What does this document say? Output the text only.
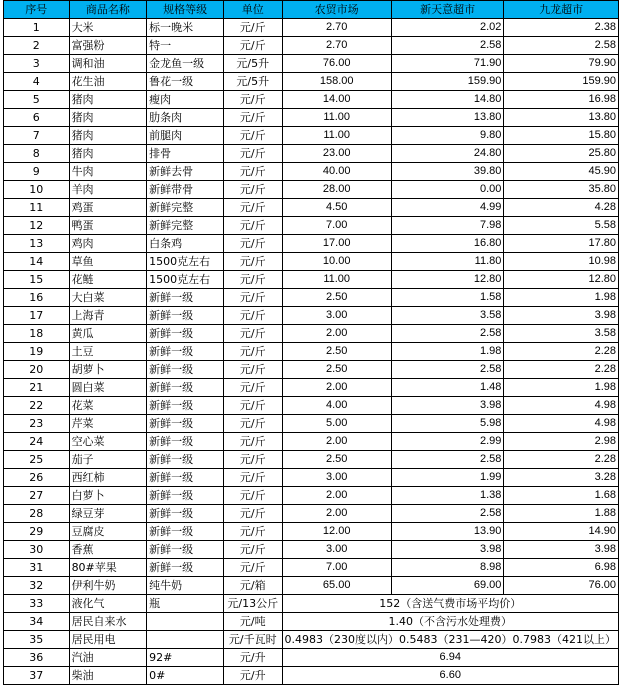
序号	商品名称	规格等级	单位	农贸市场	新天意超市	九龙超市
1	大米	标一晚米	元/斤	2.70	2.02	2.38
2	富强粉	特一	元/斤	2.70	2.58	2.58
3	调和油	金龙鱼一级	元/5升	76.00	71.90	79.90
4	花生油	鲁花一级	元/5升	158.00	159.90	159.90
5	猪肉	瘦肉	元/斤	14.00	14.80	16.98
6	猪肉	肋条肉	元/斤	11.00	13.80	13.80
7	猪肉	前腿肉	元/斤	11.00	9.80	15.80
8	猪肉	排骨	元/斤	23.00	24.80	25.80
9	牛肉	新鲜去骨	元/斤	40.00	39.80	45.90
10	羊肉	新鲜带骨	元/斤	28.00	0.00	35.80
11	鸡蛋	新鲜完整	元/斤	4.50	4.99	4.28
12	鸭蛋	新鲜完整	元/斤	7.00	7.98	5.58
13	鸡肉	白条鸡	元/斤	17.00	16.80	17.80
14	草鱼	1500克左右	元/斤	10.00	11.80	10.98
15	花鲢	1500克左右	元/斤	11.00	12.80	12.80
16	大白菜	新鲜一级	元/斤	2.50	1.58	1.98
17	上海青	新鲜一级	元/斤	3.00	3.58	3.98
18	黄瓜	新鲜一级	元/斤	2.00	2.58	3.58
19	土豆	新鲜一级	元/斤	2.50	1.98	2.28
20	胡萝卜	新鲜一级	元/斤	2.50	2.58	2.28
21	圆白菜	新鲜一级	元/斤	2.00	1.48	1.98
22	花菜	新鲜一级	元/斤	4.00	3.98	4.98
23	芹菜	新鲜一级	元/斤	5.00	5.98	4.98
24	空心菜	新鲜一级	元/斤	2.00	2.99	2.98
25	茄子	新鲜一级	元/斤	2.50	2.58	2.28
26	西红柿	新鲜一级	元/斤	3.00	1.99	3.28
27	白萝卜	新鲜一级	元/斤	2.00	1.38	1.68
28	绿豆芽	新鲜一级	元/斤	2.00	2.58	1.88
29	豆腐皮	新鲜一级	元/斤	12.00	13.90	14.90
30	香蕉	新鲜一级	元/斤	3.00	3.98	3.98
31	80#苹果	新鲜一级	元/斤	7.00	8.98	6.98
32	伊利牛奶	纯牛奶	元/箱	65.00	69.00	76.00
33	液化气	瓶	元/13公斤	152（含送气费市场平均价）		
34	居民自来水		元/吨	1.40（不含污水处理费）		
35	居民用电		元/千瓦时	0.4983（230度以内）0.5483（231—420）0.7983（421以上）		
36	汽油	92#	元/升	6.94		
37	柴油	0#	元/升	6.60		
